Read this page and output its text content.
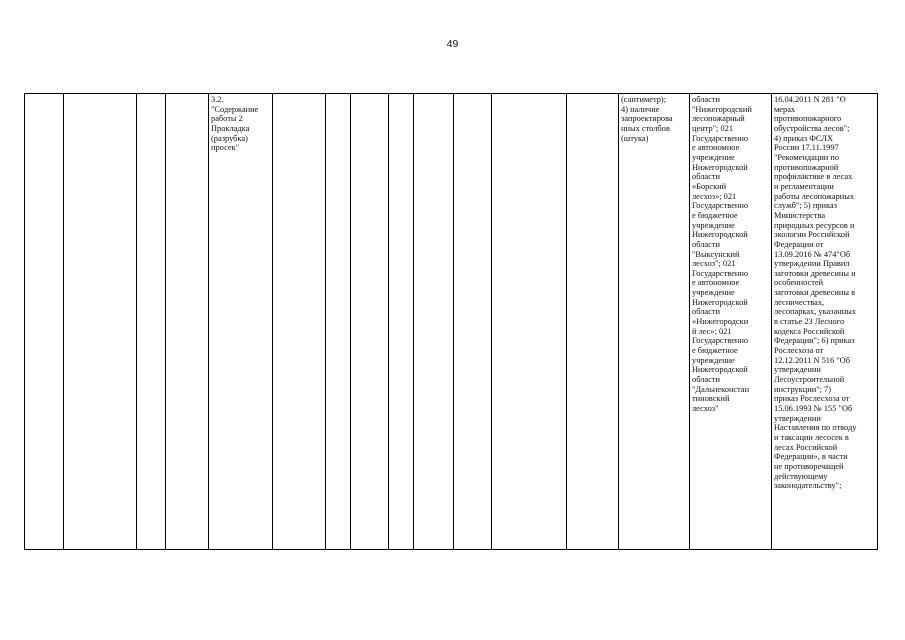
49
3.2.
"Содержание
работы 2
Прокладка
(разрубка)
просек"
(сантиметр);
4) наличие
запроектирова
нных столбов
(штука)
области
"Нижегородский
лесопожарный
центр"; 021
Государственно
е автономное
учреждение
Нижегородской
области
«Борский
лесхоз»; 021
Государственно
е бюджетное
учреждение
Нижегородской
области
"Выксунский
лесхоз"; 021
Государственно
е автономное
учреждение
Нижегородской
области
«Нижегородски
й лес»; 021
Государственно
е бюджетное
учреждение
Нижегородской
области
"Дальнеконстан
тиновский
лесхоз"
16.04.2011 N 281 "О
мерах
противопожарного
обустройства лесов";
4) приказ ФСЛХ
России 17.11.1997
"Рекомендации по
противопожарной
профилактике в лесах
и регламентации
работы лесопожарных
служб"; 5) приказ
Министерства
природных ресурсов и
экологии Российской
Федерации от
13.09.2016 № 474"Об
утверждении Правил
заготовки древесины и
особенностей
заготовки древесины в
лесничествах,
лесопарках, указанных
в статье 23 Лесного
кодекса Российской
Федерации"; 6) приказ
Рослесхоза от
12.12.2011 N 516 "Об
утверждении
Лесоустроительной
инструкции"; 7)
приказ Рослесхоза от
15.06.1993 № 155 "Об
утверждении
Наставления по отводу
и таксации лесосек в
лесах Российской
Федерации», в части
не противоречащей
действующему
законодательству";
